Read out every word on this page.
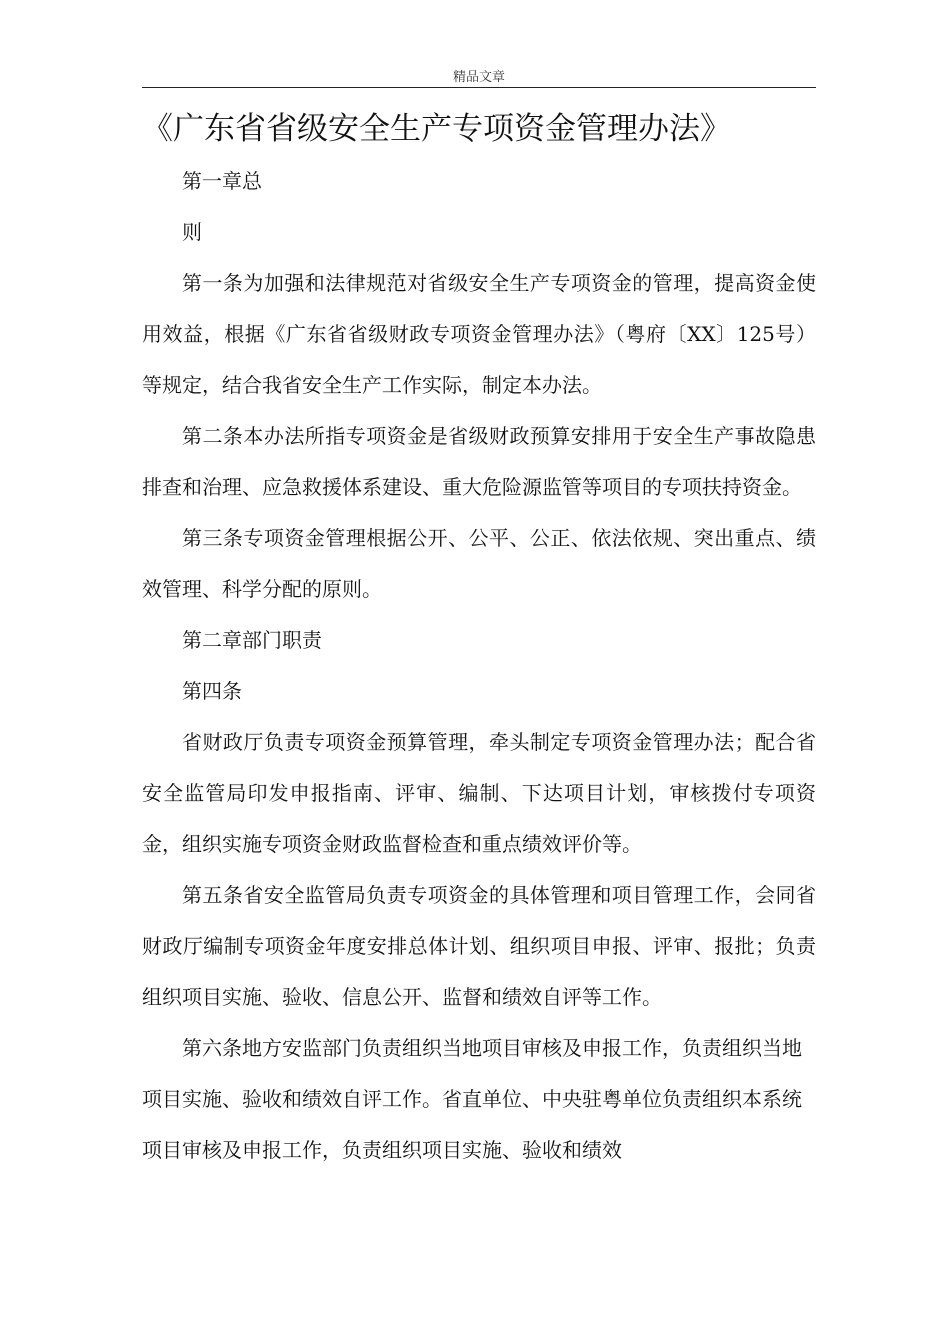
精品文章
《广东省省级安全生产专项资金管理办法》

第一章总

则

第一条为加强和法律规范对省级安全生产专项资金的管理，提高资金使用效益，根据《广东省省级财政专项资金管理办法》（粤府〔XX〕125号）等规定，结合我省安全生产工作实际，制定本办法。

第二条本办法所指专项资金是省级财政预算安排用于安全生产事故隐患排查和治理、应急救援体系建设、重大危险源监管等项目的专项扶持资金。

第三条专项资金管理根据公开、公平、公正、依法依规、突出重点、绩效管理、科学分配的原则。

第二章部门职责

第四条

省财政厅负责专项资金预算管理，牵头制定专项资金管理办法；配合省安全监管局印发申报指南、评审、编制、下达项目计划，审核拨付专项资金，组织实施专项资金财政监督检查和重点绩效评价等。

第五条省安全监管局负责专项资金的具体管理和项目管理工作，会同省财政厅编制专项资金年度安排总体计划、组织项目申报、评审、报批；负责组织项目实施、验收、信息公开、监督和绩效自评等工作。

第六条地方安监部门负责组织当地项目审核及申报工作，负责组织当地项目实施、验收和绩效自评工作。省直单位、中央驻粤单位负责组织本系统项目审核及申报工作，负责组织项目实施、验收和绩效
